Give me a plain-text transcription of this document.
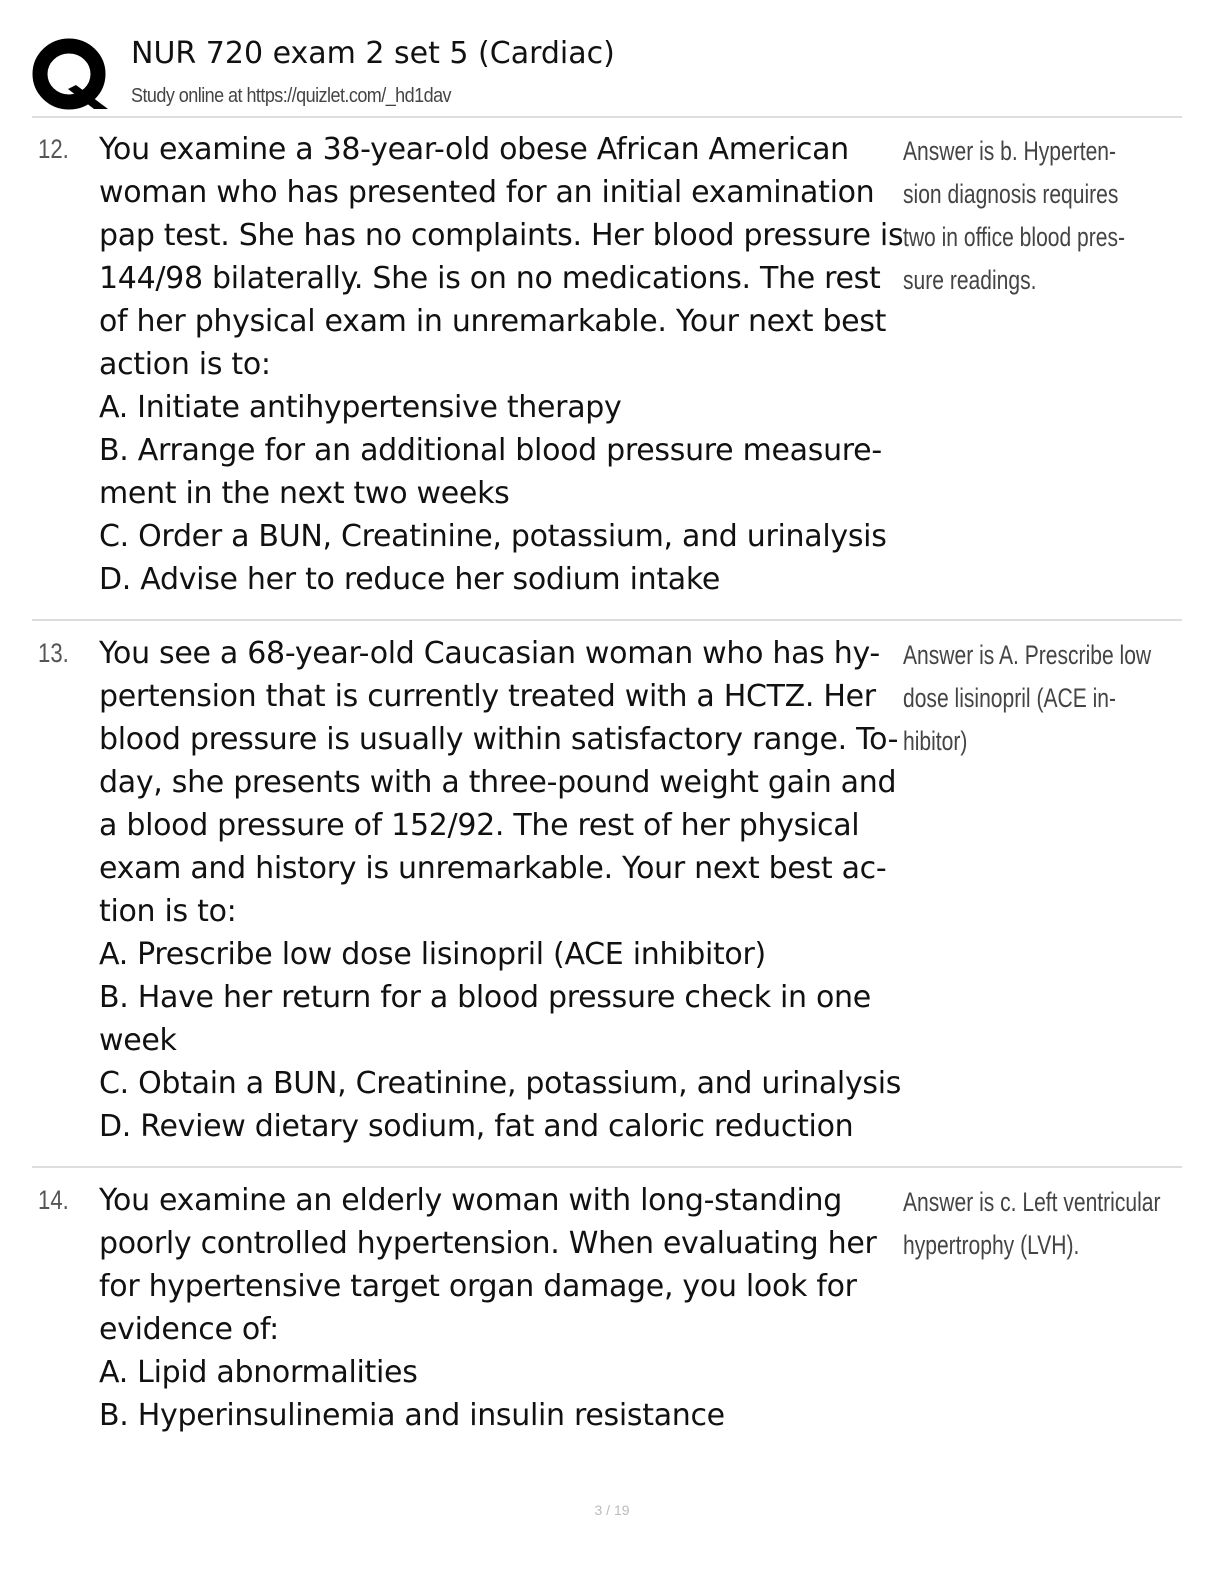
NUR 720 exam 2 set 5 (Cardiac)
Study online at https://quizlet.com/_hd1dav
12. You examine a 38-year-old obese African American
woman who has presented for an initial examination
pap test. She has no complaints. Her blood pressure is
144/98 bilaterally. She is on no medications. The rest
of her physical exam in unremarkable. Your next best
action is to:
A. Initiate antihypertensive therapy
B. Arrange for an additional blood pressure measure-
ment in the next two weeks
C. Order a BUN, Creatinine, potassium, and urinalysis
D. Advise her to reduce her sodium intake
Answer is b. Hyperten-
sion diagnosis requires
two in office blood pres-
sure readings.
13. You see a 68-year-old Caucasian woman who has hy-
pertension that is currently treated with a HCTZ. Her
blood pressure is usually within satisfactory range. To-
day, she presents with a three-pound weight gain and
a blood pressure of 152/92. The rest of her physical
exam and history is unremarkable. Your next best ac-
tion is to:
A. Prescribe low dose lisinopril (ACE inhibitor)
B. Have her return for a blood pressure check in one
week
C. Obtain a BUN, Creatinine, potassium, and urinalysis
D. Review dietary sodium, fat and caloric reduction
Answer is A. Prescribe low
dose lisinopril (ACE in-
hibitor)
14. You examine an elderly woman with long-standing
poorly controlled hypertension. When evaluating her
for hypertensive target organ damage, you look for
evidence of:
A. Lipid abnormalities
B. Hyperinsulinemia and insulin resistance
Answer is c. Left ventricular
hypertrophy (LVH).
3 / 19
